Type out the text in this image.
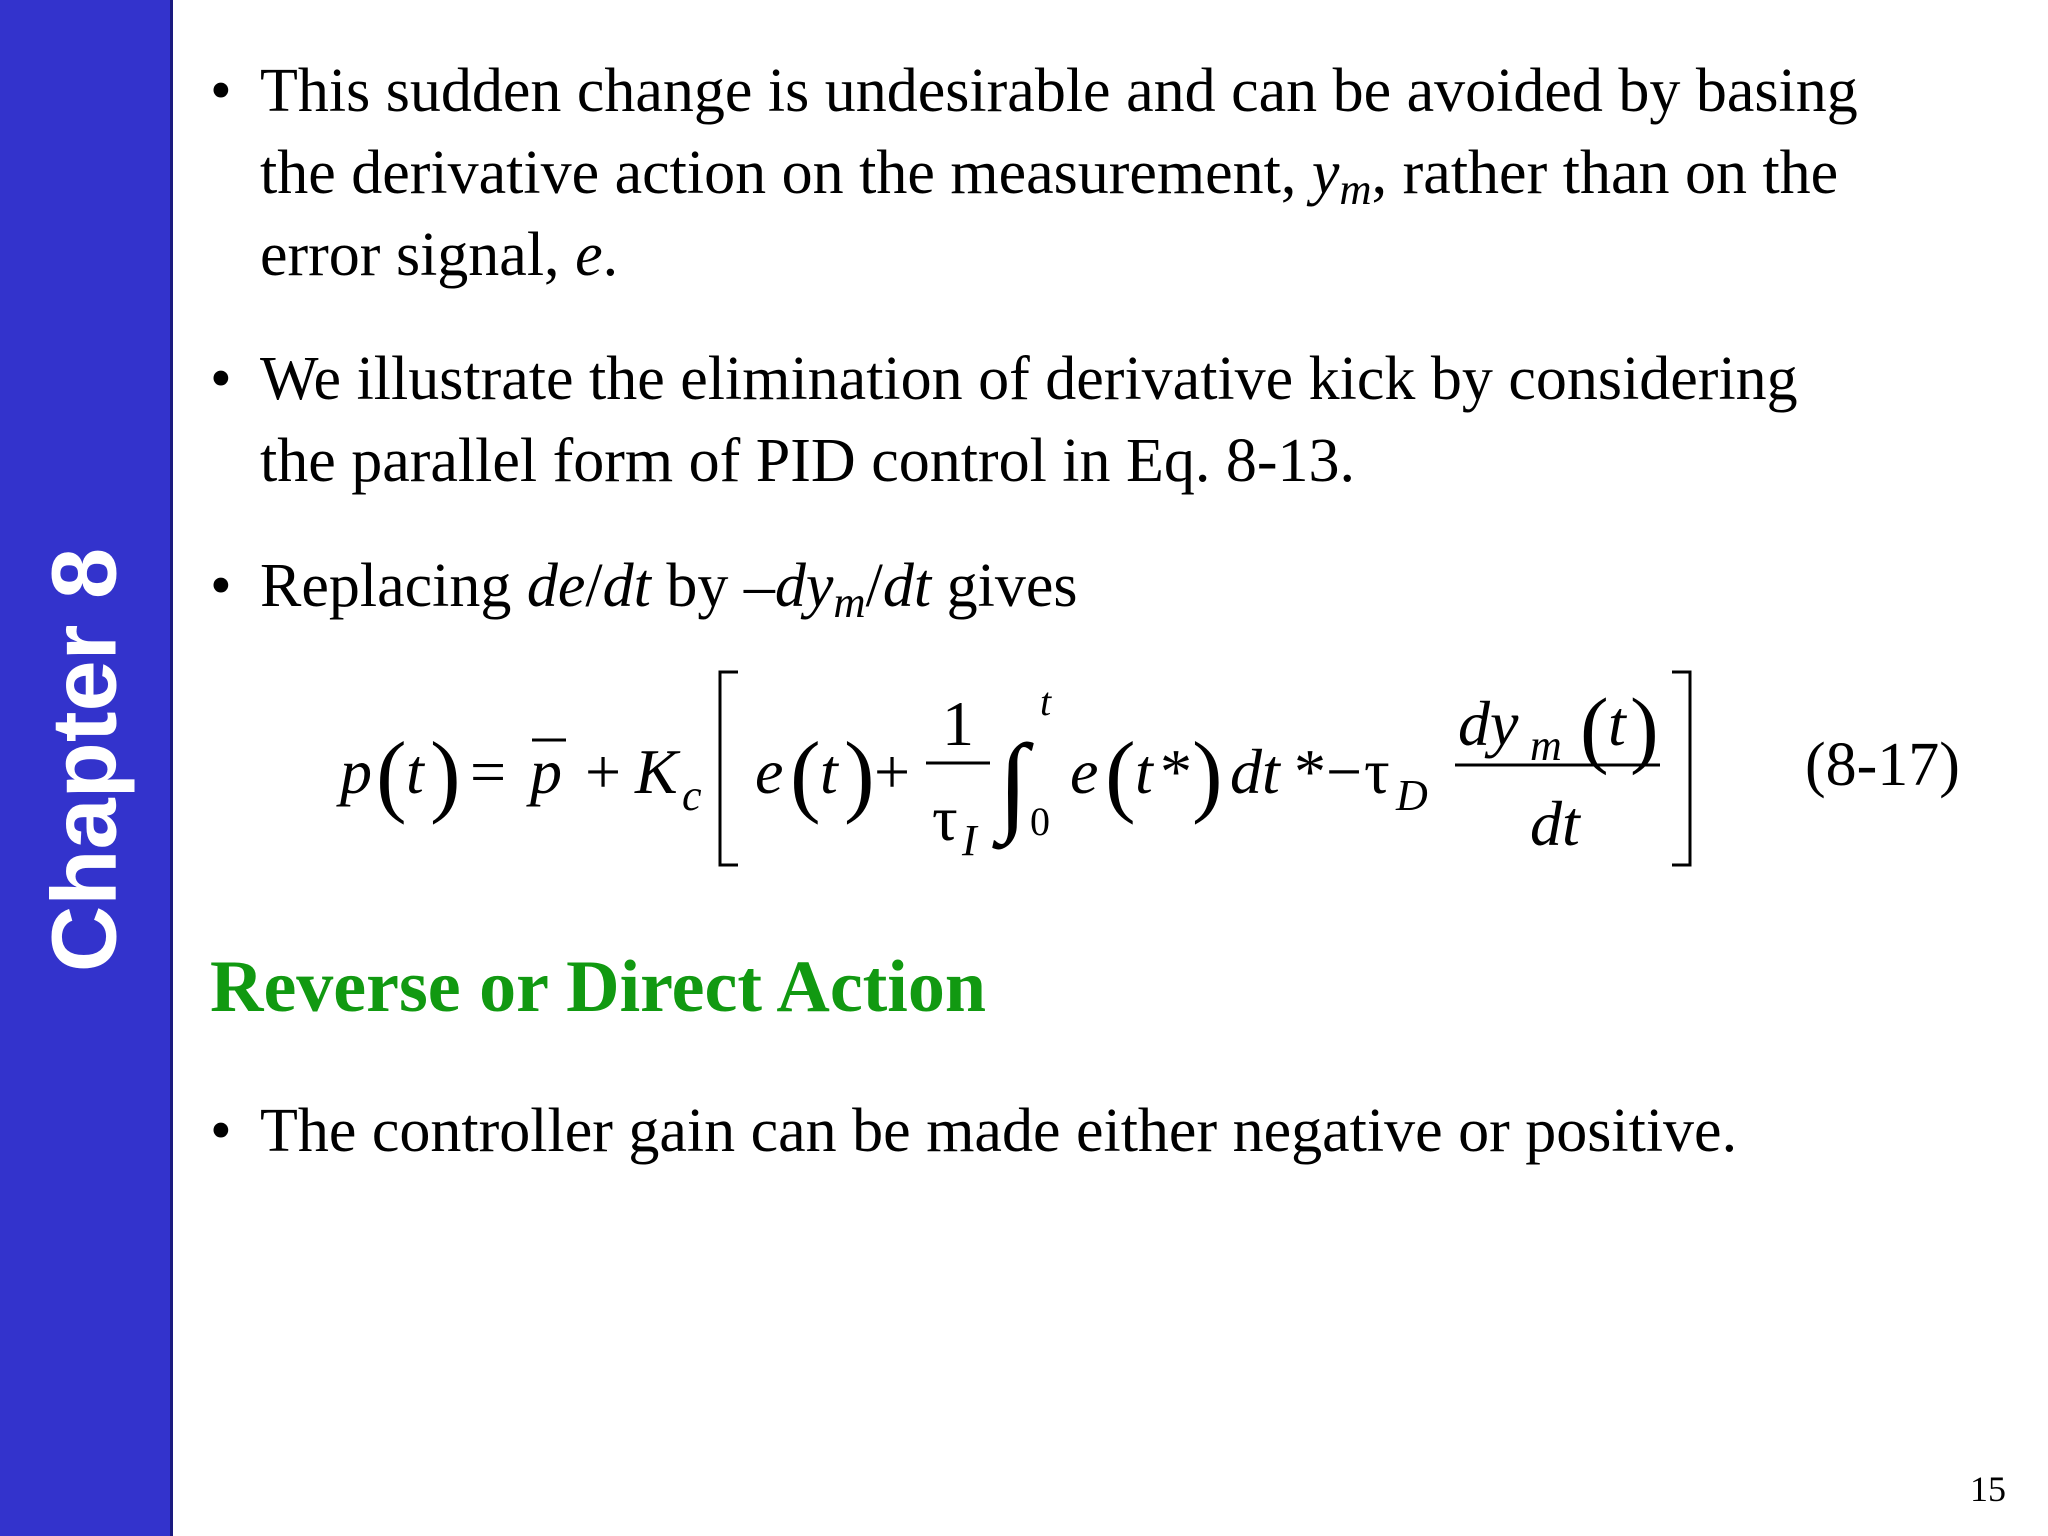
Chapter 8
• This sudden change is undesirable and can be avoided by basing
the derivative action on the measurement, $y_m$, rather than on the
error signal, e.
• We illustrate the elimination of derivative kick by considering
the parallel form of PID control in Eq. 8-13.
• Replacing de/dt by $-dy_m/dt$ gives
p ( t ) = p + K c e ( t ) +
1
τ I ∫
t
0
e ( t * ) dt * − τ D
dy m ( t )
dt
(8-17)
Reverse or Direct Action
• The controller gain can be made either negative or positive.
15
